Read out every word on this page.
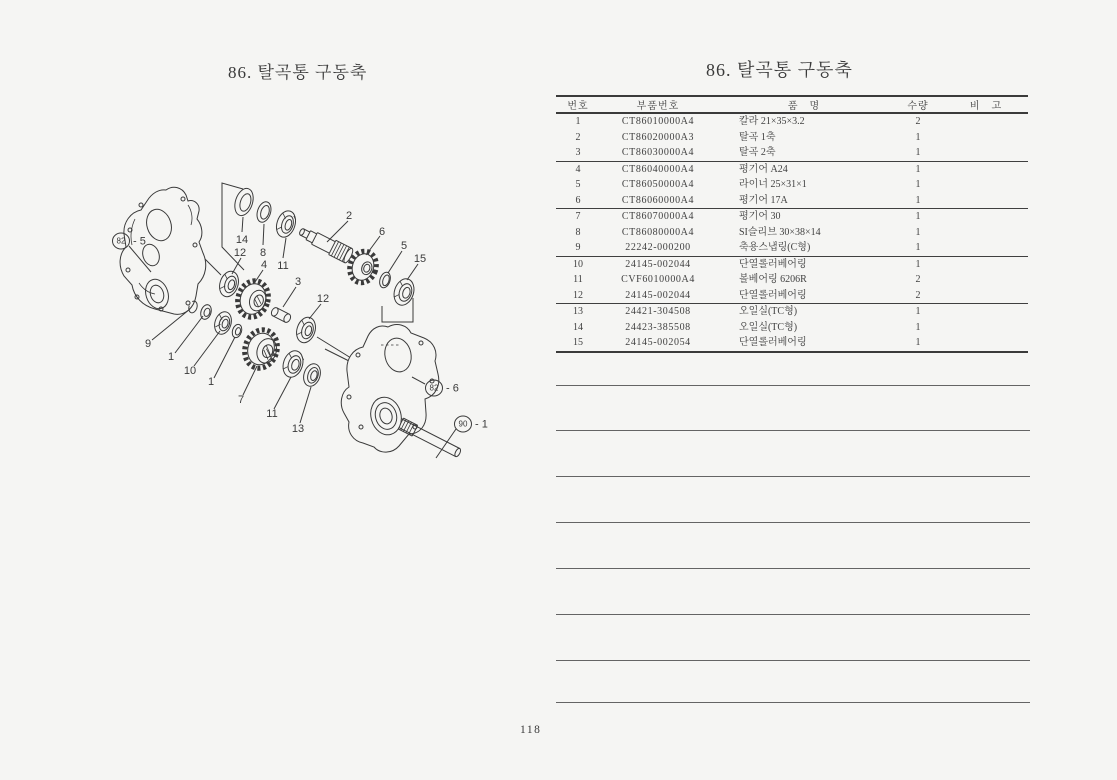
86. 탈곡통 구동축	86. 탈곡통 구동축
번호	부품번호	품　명	수량	비　고
1	CT86010000A4	칼라 21×35×3.2	2	
2	CT86020000A3	탈곡 1축	1	
3	CT86030000A4	탈곡 2축	1	
4	CT86040000A4	평기어 A24	1	
5	CT86050000A4	라이너 25×31×1	1	
6	CT86060000A4	평기어 17A	1	
7	CT86070000A4	평기어 30	1	
8	CT86080000A4	SI슬리브 30×38×14	1	
9	22242-000200	축용스냅링(C형)	1	
10	24145-002044	단열롤러베어링	1	
11	CVF6010000A4	볼베어링 6206R	2	
12	24145-002044	단열롤러베어링	2	
13	24421-304508	오일실(TC형)	1	
14	24423-385508	오일실(TC형)	1	
15	24145-002054	단열롤러베어링	1	
118
14
8
11
2
6
5
15
12
4
3
12
9
1
10
1
7
11
13
82 - 5
82 - 6
90 - 1
